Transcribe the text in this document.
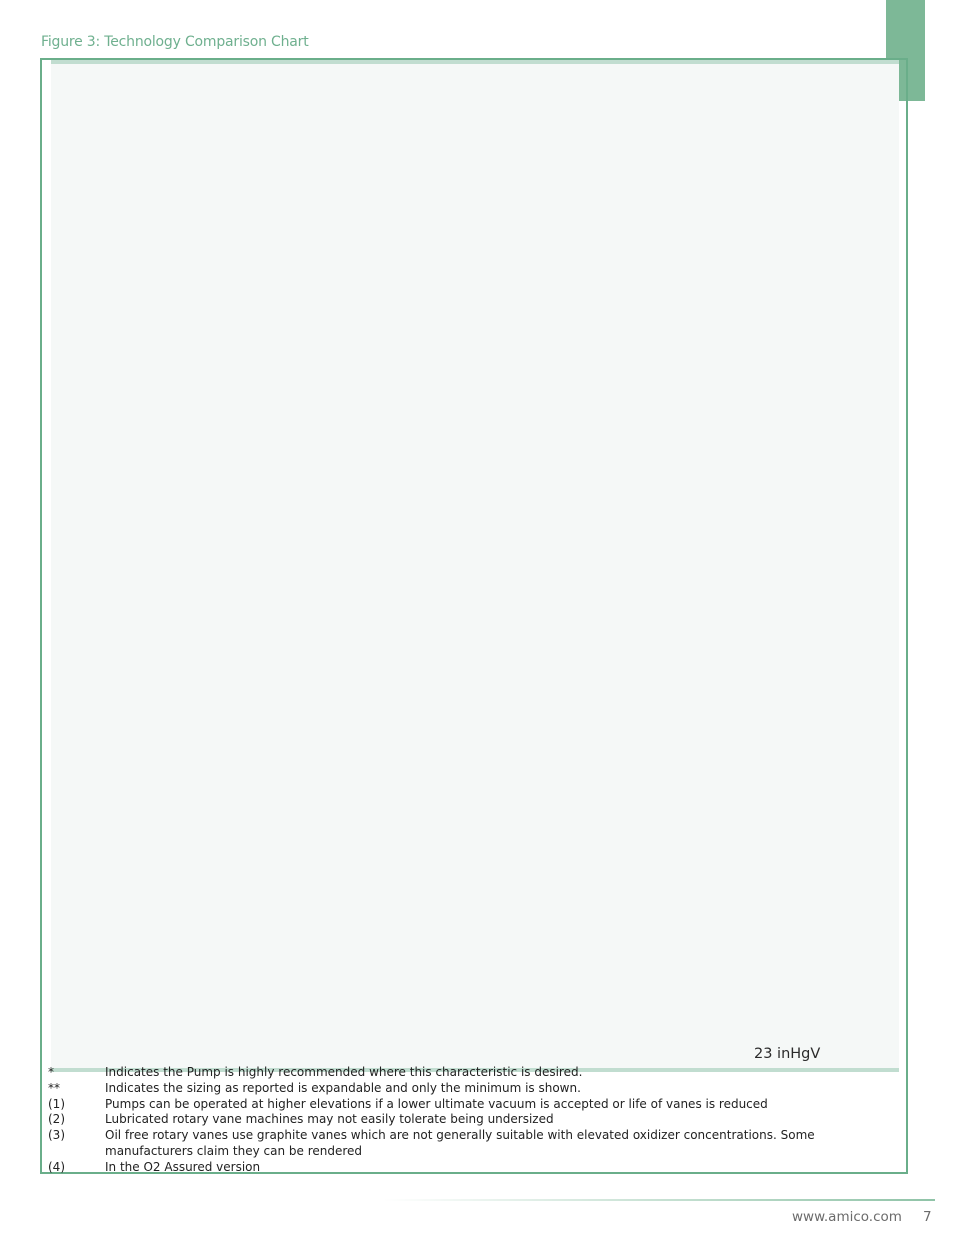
Figure 3: Technology Comparison Chart
23 inHgV
*	Indicates the Pump is highly recommended where this characteristic is desired.
**	Indicates the sizing as reported is expandable and only the minimum is shown.
(1)	Pumps can be operated at higher elevations if a lower ultimate vacuum is accepted or life of vanes is reduced
(2)	Lubricated rotary vane machines may not easily tolerate being undersized
(3)	Oil free rotary vanes use graphite vanes which are not generally suitable with elevated oxidizer concentrations. Some manufacturers claim they can be rendered
(4)	In the O2 Assured version
www.amico.com 7
